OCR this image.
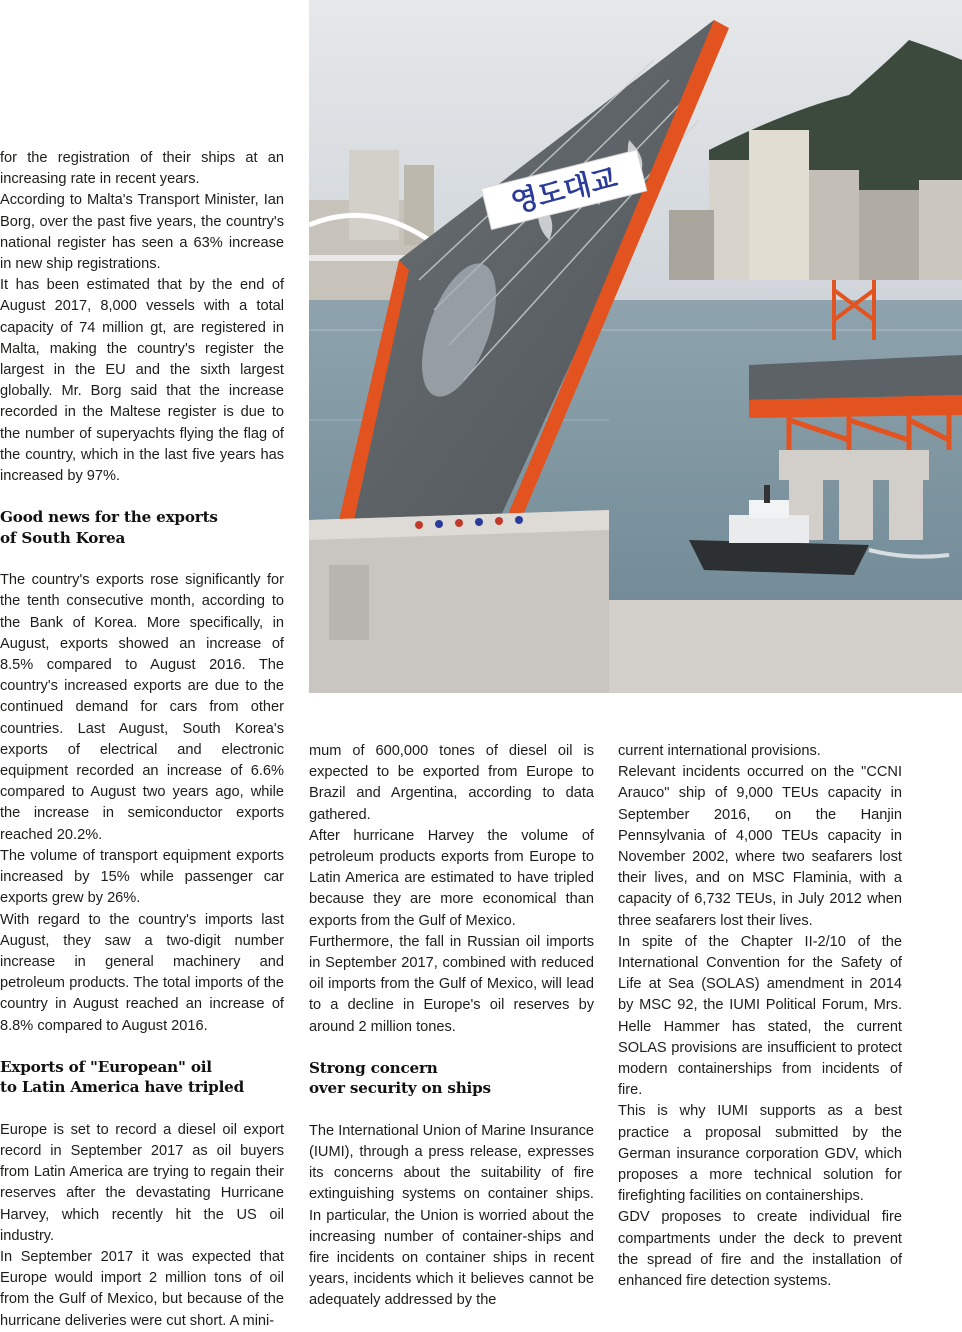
영도대교

for the registration of their ships at an increasing rate in recent years.

According to Malta's Transport Minister, Ian Borg, over the past five years, the country's national register has seen a 63% increase in new ship registrations.

It has been estimated that by the end of August 2017, 8,000 vessels with a total capacity of 74 million gt, are registered in Malta, making the country's register the largest in the EU and the sixth largest globally. Mr. Borg said that the increase recorded in the Maltese register is due to the number of superyachts flying the flag of the country, which in the last five years has increased by 97%.

Good news for the exports
of South Korea

The country's exports rose significantly for the tenth consecutive month, according to the Bank of Korea. More specifically, in August, exports showed an increase of 8.5% compared to August 2016. The country's increased exports are due to the continued demand for cars from other countries. Last August, South Korea's exports of electrical and electronic equipment recorded an increase of 6.6% compared to August two years ago, while the increase in semiconductor exports reached 20.2%.

The volume of transport equipment exports increased by 15% while passenger car exports grew by 26%.

With regard to the country's imports last August, they saw a two-digit number increase in general machinery and petroleum products. The total imports of the country in August reached an increase of 8.8% compared to August 2016.

Exports of "European" oil
to Latin America have tripled

Europe is set to record a diesel oil export record in September 2017 as oil buyers from Latin America are trying to regain their reserves after the devastating Hurricane Harvey, which recently hit the US oil industry.

In September 2017 it was expected that Europe would import 2 million tons of oil from the Gulf of Mexico, but because of the hurricane deliveries were cut short. A mini-

mum of 600,000 tones of diesel oil is expected to be exported from Europe to Brazil and Argentina, according to data gathered.

After hurricane Harvey the volume of petroleum products exports from Europe to Latin America are estimated to have tripled because they are more economical than exports from the Gulf of Mexico.

Furthermore, the fall in Russian oil imports in September 2017, combined with reduced oil imports from the Gulf of Mexico, will lead to a decline in Europe's oil reserves by around 2 million tones.

Strong concern
over security on ships

The International Union of Marine Insurance (IUMI), through a press release, expresses its concerns about the suitability of fire extinguishing systems on container ships. In particular, the Union is worried about the increasing number of container-ships and fire incidents on container ships in recent years, incidents which it believes cannot be adequately addressed by the

current international provisions.

Relevant incidents occurred on the "CCNI Arauco" ship of 9,000 TEUs capacity in September 2016, on the Hanjin Pennsylvania of 4,000 TEUs capacity in November 2002, where two seafarers lost their lives, and on MSC Flaminia, with a capacity of 6,732 TEUs, in July 2012 when three seafarers lost their lives.

In spite of the Chapter II-2/10 of the International Convention for the Safety of Life at Sea (SOLAS) amendment in 2014 by MSC 92, the IUMI Political Forum, Mrs. Helle Hammer has stated, the current SOLAS provisions are insufficient to protect modern containerships from incidents of fire.

This is why IUMI supports as a best practice a proposal submitted by the German insurance corporation GDV, which proposes a more technical solution for firefighting facilities on containerships.

GDV proposes to create individual fire compartments under the deck to prevent the spread of fire and the installation of enhanced fire detection systems.
